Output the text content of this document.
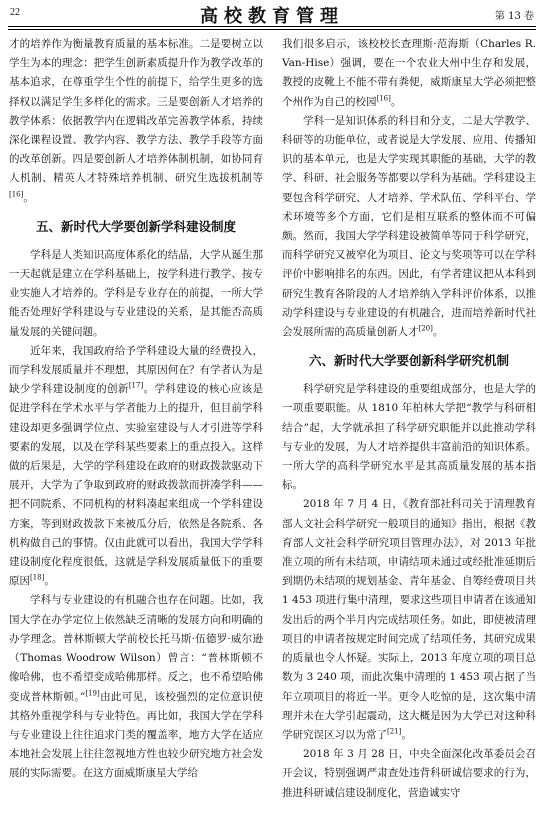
22	高校教育管理	第 13 卷

才的培养作为衡量教育质量的基本标准。二是要树立以学生为本的理念：把学生创新素质提升作为教学改革的基本追求，在尊重学生个性的前提下，给学生更多的选择权以满足学生多样化的需求。三是要创新人才培养的教学体系：依据教学内在逻辑改革完善教学体系，持续深化课程设置、教学内容、教学方法、教学手段等方面的改革创新。四是要创新人才培养体制机制，如协同育人机制、精英人才特殊培养机制、研究生选拔机制等[16]。

五、新时代大学要创新学科建设制度

学科是人类知识高度体系化的结晶，大学从诞生那一天起就是建立在学科基础上，按学科进行教学、按专业实施人才培养的。学科是专业存在的前提，一所大学能否处理好学科建设与专业建设的关系，是其能否高质量发展的关键问题。

近年来，我国政府给予学科建设大量的经费投入，而学科发展质量并不理想，其原因何在？有学者认为是缺少学科建设制度的创新[17]。学科建设的核心应该是促进学科在学术水平与学者能力上的提升，但目前学科建设却更多强调学位点、实验室建设与人才引进等学科要素的发展，以及在学科某些要素上的重点投入。这样做的后果是，大学的学科建设在政府的财政拨款驱动下展开，大学为了争取到政府的财政拨款而拼凑学科——把不同院系、不同机构的材料凑起来组成一个学科建设方案，等到财政拨款下来被瓜分后，依然是各院系、各机构做自己的事情。仅由此就可以看出，我国大学学科建设制度化程度很低，这就是学科发展质量低下的重要原因[18]。

学科与专业建设的有机融合也存在问题。比如，我国大学在办学定位上依然缺乏清晰的发展方向和明确的办学理念。普林斯顿大学前校长托马斯·伍德罗·威尔逊（Thomas Woodrow Wilson）曾言：“普林斯顿不像哈佛，也不希望变成哈佛那样。反之，也不希望哈佛变成普林斯顿。”[19]由此可见，该校强烈的定位意识使其格外重视学科与专业特色。再比如，我国大学在学科与专业建设上往往追求门类的覆盖率，地方大学在适应本地社会发展上往往忽视地方性也较少研究地方社会发展的实际需要。在这方面威斯康星大学给

我们很多启示，该校校长查理斯·范海斯（Charles R. Van-Hise）强调，要在一个农业大州中生存和发展，教授的皮靴上不能不带有粪便，威斯康星大学必须把整个州作为自己的校园[16]。

学科一是知识体系的科目和分支，二是大学教学、科研等的功能单位，或者说是大学发展、应用、传播知识的基本单元，也是大学实现其职能的基础，大学的教学、科研、社会服务等都要以学科为基础。学科建设主要包含科学研究、人才培养、学术队伍、学科平台、学术环境等多个方面，它们是相互联系的整体而不可偏颇。然而，我国大学学科建设被简单等同于科学研究，而科学研究又被窄化为项目、论文与奖项等可以在学科评价中影响排名的东西。因此，有学者建议把从本科到研究生教育各阶段的人才培养纳入学科评价体系，以推动学科建设与专业建设的有机融合，进而培养新时代社会发展所需的高质量创新人才[20]。

六、新时代大学要创新科学研究机制

科学研究是学科建设的重要组成部分，也是大学的一项重要职能。从 1810 年柏林大学把“教学与科研相结合”起，大学就承担了科学研究职能并以此推动学科与专业的发展，为人才培养提供丰富前沿的知识体系。一所大学的高科学研究水平是其高质量发展的基本指标。

2018 年 7 月 4 日，《教育部社科司关于清理教育部人文社会科学研究一般项目的通知》指出，根据《教育部人文社会科学研究项目管理办法》，对 2013 年批准立项的所有未结项，申请结项未通过或经批准延期后到期仍未结项的规划基金、青年基金、自筹经费项目共 1 453 项进行集中清理，要求这些项目申请者在该通知发出后的两个半月内完成结项任务。如此，即使被清理项目的申请者按规定时间完成了结项任务，其研究成果的质量也令人怀疑。实际上，2013 年度立项的项目总数为 3 240 项，而此次集中清理的 1 453 项占据了当年立项项目的将近一半。更令人吃惊的是，这次集中清理并未在大学引起震动，这大概是因为大学已对这种科学研究误区习以为常了[21]。

2018 年 3 月 28 日，中央全面深化改革委员会召开会议，特别强调严肃查处违背科研诚信要求的行为，推进科研诚信建设制度化，营造诚实守
